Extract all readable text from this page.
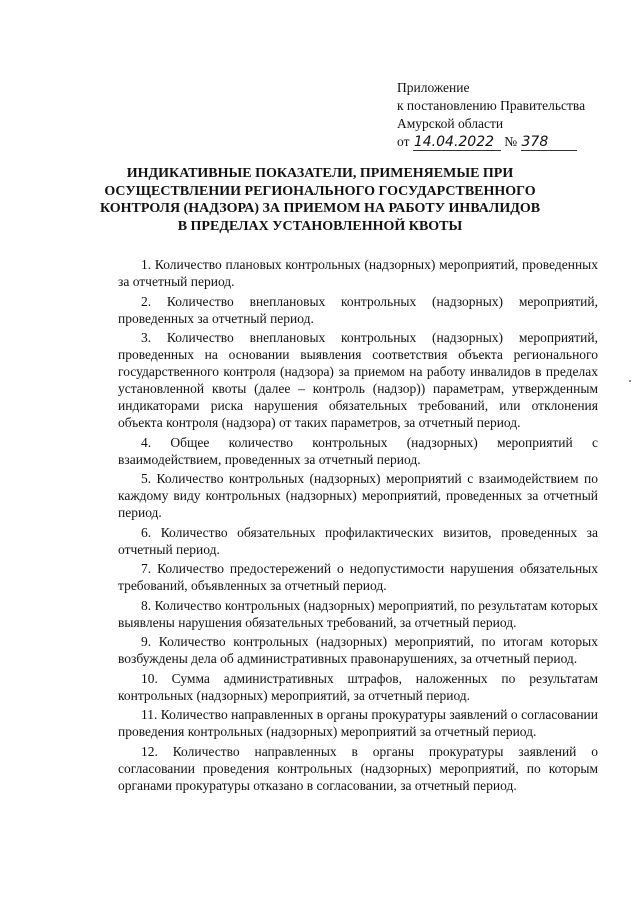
Приложение
к постановлению Правительства
Амурской области
от 14.04.2022 № 378
ИНДИКАТИВНЫЕ ПОКАЗАТЕЛИ, ПРИМЕНЯЕМЫЕ ПРИ ОСУЩЕСТВЛЕНИИ РЕГИОНАЛЬНОГО ГОСУДАРСТВЕННОГО КОНТРОЛЯ (НАДЗОРА) ЗА ПРИЕМОМ НА РАБОТУ ИНВАЛИДОВ В ПРЕДЕЛАХ УСТАНОВЛЕННОЙ КВОТЫ
1. Количество плановых контрольных (надзорных) мероприятий, проведенных за отчетный период.
2. Количество внеплановых контрольных (надзорных) мероприятий, проведенных за отчетный период.
3. Количество внеплановых контрольных (надзорных) мероприятий, проведенных на основании выявления соответствия объекта регионального государственного контроля (надзора) за приемом на работу инвалидов в пределах установленной квоты (далее – контроль (надзор)) параметрам, утвержденным индикаторами риска нарушения обязательных требований, или отклонения объекта контроля (надзора) от таких параметров, за отчетный период.
4. Общее количество контрольных (надзорных) мероприятий с взаимодействием, проведенных за отчетный период.
5. Количество контрольных (надзорных) мероприятий с взаимодействием по каждому виду контрольных (надзорных) мероприятий, проведенных за отчетный период.
6. Количество обязательных профилактических визитов, проведенных за отчетный период.
7. Количество предостережений о недопустимости нарушения обязательных требований, объявленных за отчетный период.
8. Количество контрольных (надзорных) мероприятий, по результатам которых выявлены нарушения обязательных требований, за отчетный период.
9. Количество контрольных (надзорных) мероприятий, по итогам которых возбуждены дела об административных правонарушениях, за отчетный период.
10. Сумма административных штрафов, наложенных по результатам контрольных (надзорных) мероприятий, за отчетный период.
11. Количество направленных в органы прокуратуры заявлений о согласовании проведения контрольных (надзорных) мероприятий за отчетный период.
12. Количество направленных в органы прокуратуры заявлений о согласовании проведения контрольных (надзорных) мероприятий, по которым органами прокуратуры отказано в согласовании, за отчетный период.
